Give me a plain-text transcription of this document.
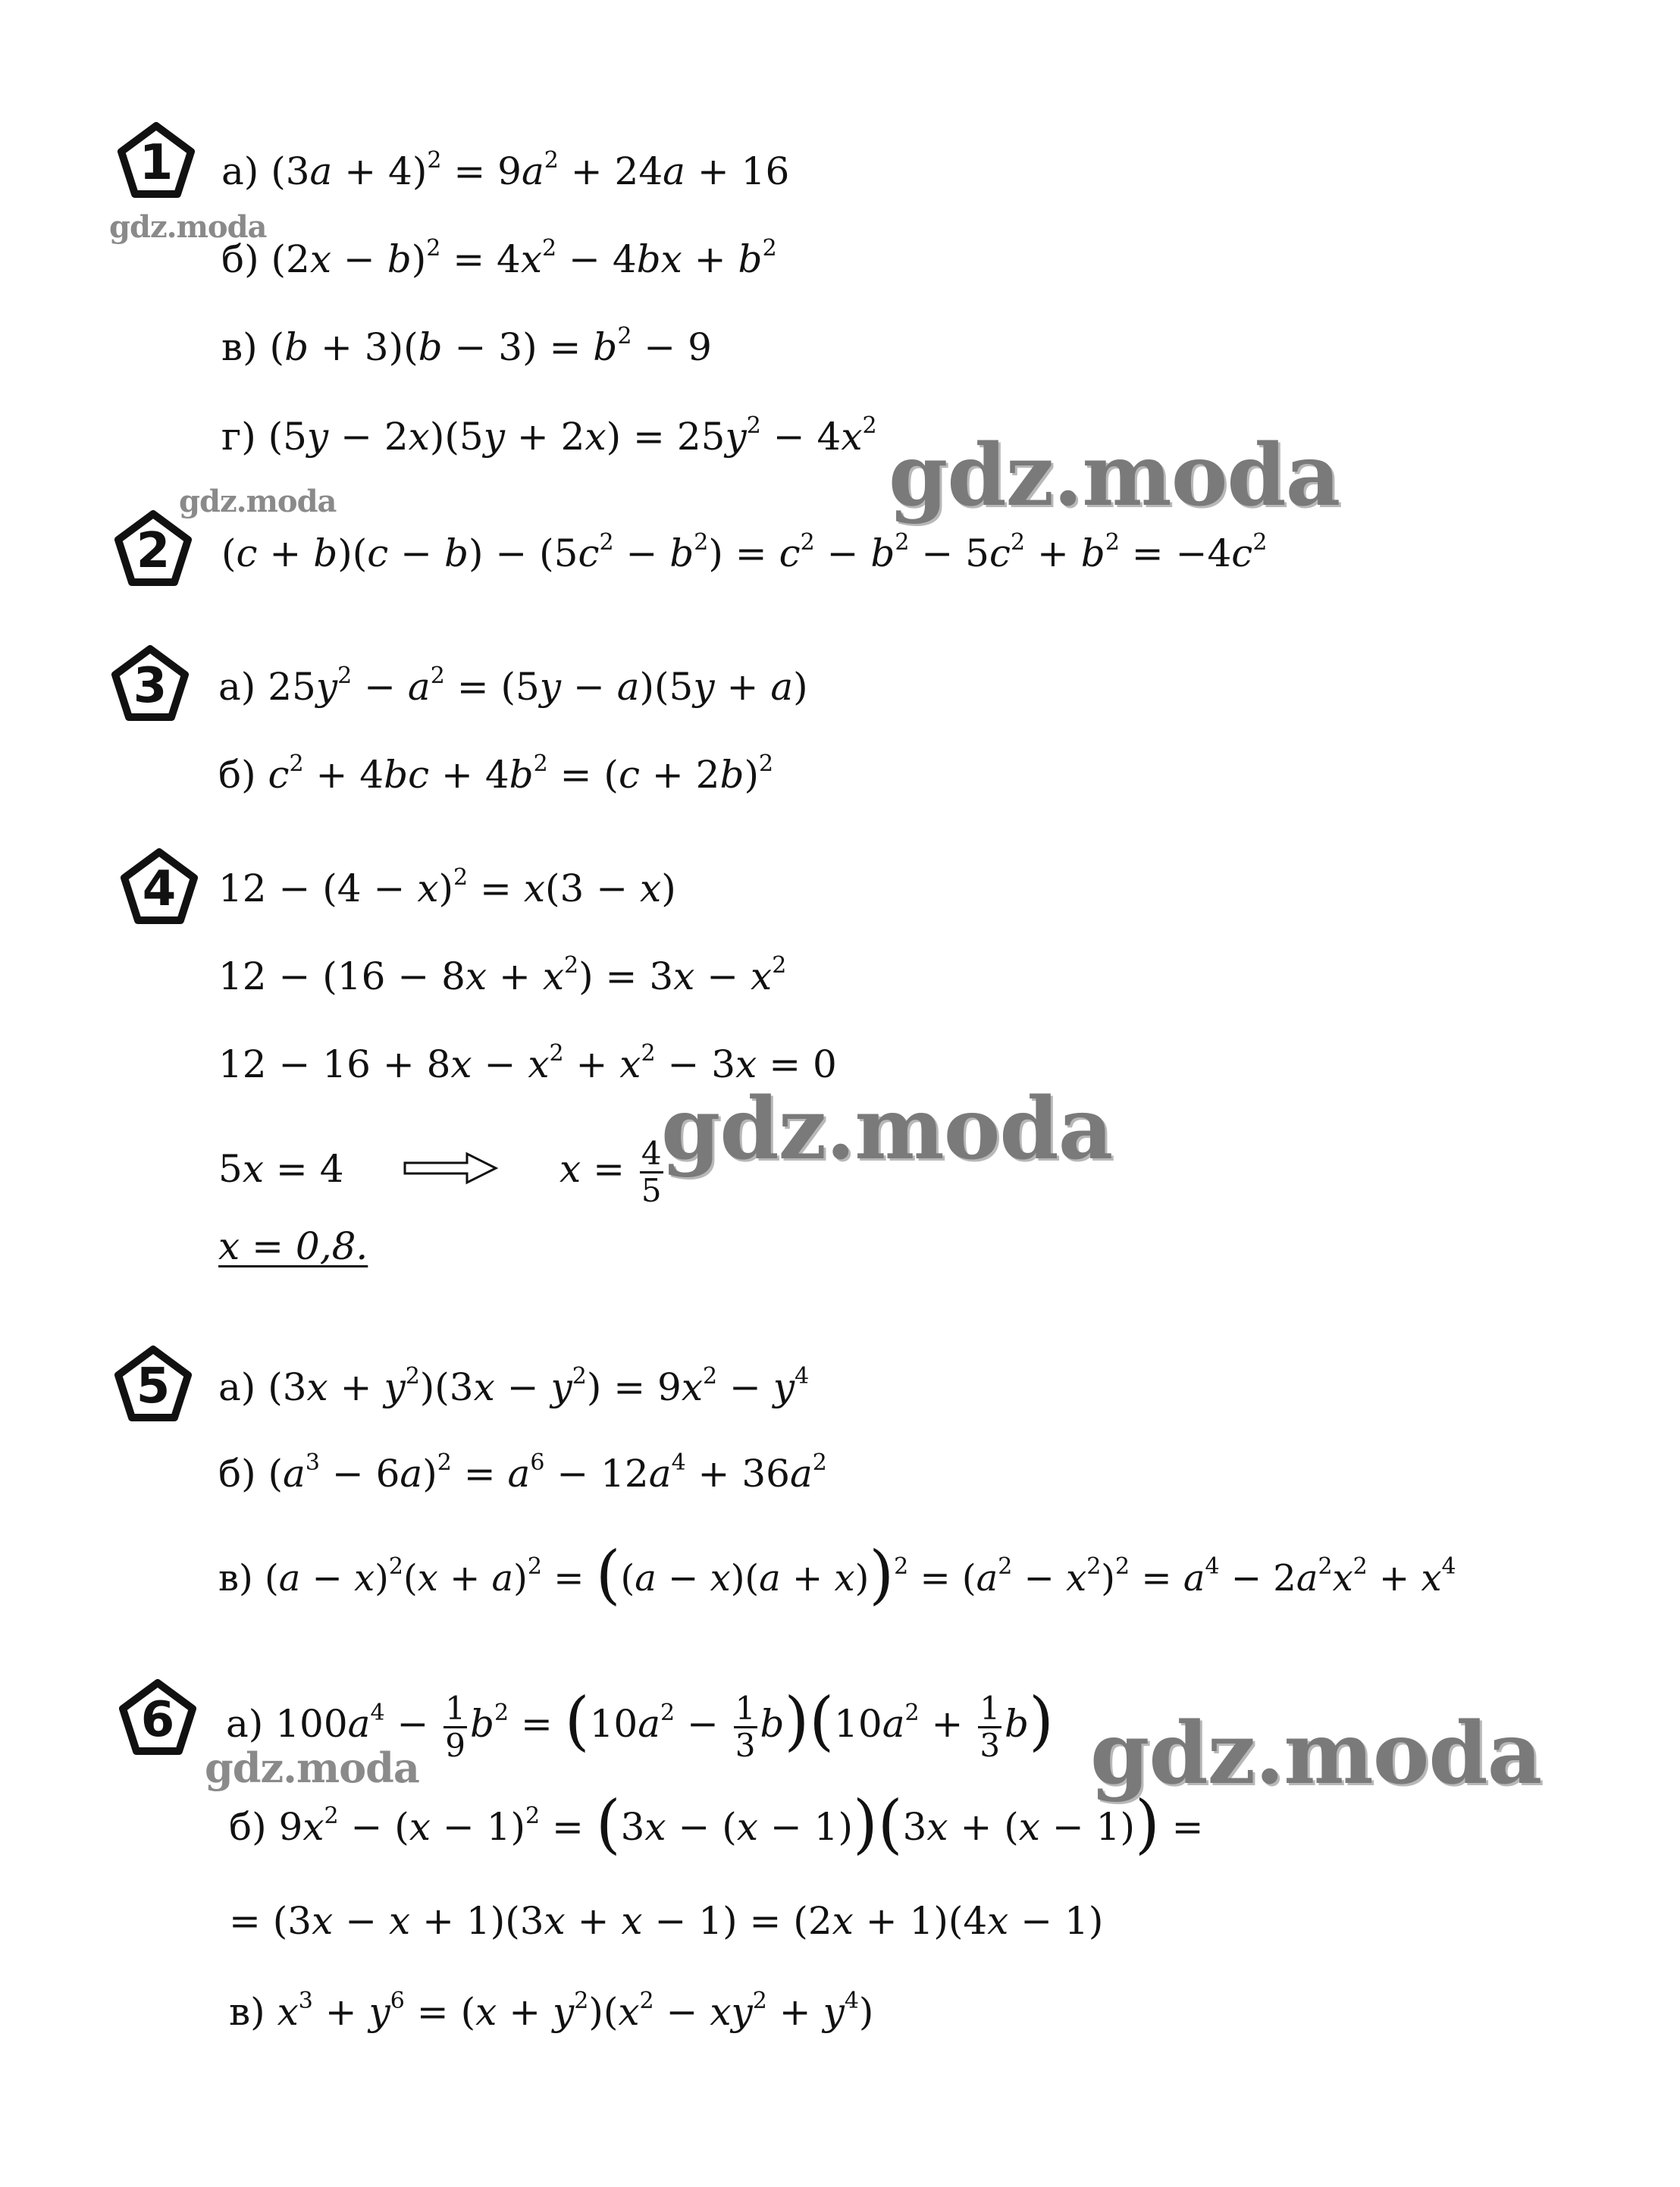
1	а) $(3a + 4)^2 = 9a^2 + 24a + 16$
б) $(2x - b)^2 = 4x^2 - 4bx + b^2$
в) $(b + 3)(b - 3) = b^2 - 9$
г) $(5y - 2x)(5y + 2x) = 25y^2 - 4x^2$
2	$(c + b)(c - b) - (5c^2 - b^2) = c^2 - b^2 - 5c^2 + b^2 = -4c^2$
3	а) $25y^2 - a^2 = (5y - a)(5y + a)$
б) $c^2 + 4bc + 4b^2 = (c + 2b)^2$
4	$12 - (4 - x)^2 = x(3 - x)$
$12 - (16 - 8x + x^2) = 3x - x^2$
$12 - 16 + 8x - x^2 + x^2 - 3x = 0$
5x = 4	$x = \frac{4}{5}$
x = 0,8.
5	а) $(3x + y^2)(3x - y^2) = 9x^2 - y^4$
б) $(a^3 - 6a)^2 = a^6 - 12a^4 + 36a^2$
в) $(a - x)^2(x + a)^2 = ((a - x)(a + x))^2 = (a^2 - x^2)^2 = a^4 - 2a^2x^2 + x^4$
6	а) $100a^4 - \frac{1}{9} b^2 = (10a^2 - \frac{1}{3} b)(10a^2 + \frac{1}{3} b)$
б) $9x^2 - (x - 1)^2 = (3x - (x - 1))(3x + (x - 1))$ =
= (3x − x + 1)(3x + x − 1) = (2x + 1)(4x − 1)
в) $x^3 + y^6 = (x + y^2)(x^2 - xy^2 + y^4)$
gdz.moda
gdz.moda	gdz.moda
gdz.moda
gdz.moda	gdz.moda
